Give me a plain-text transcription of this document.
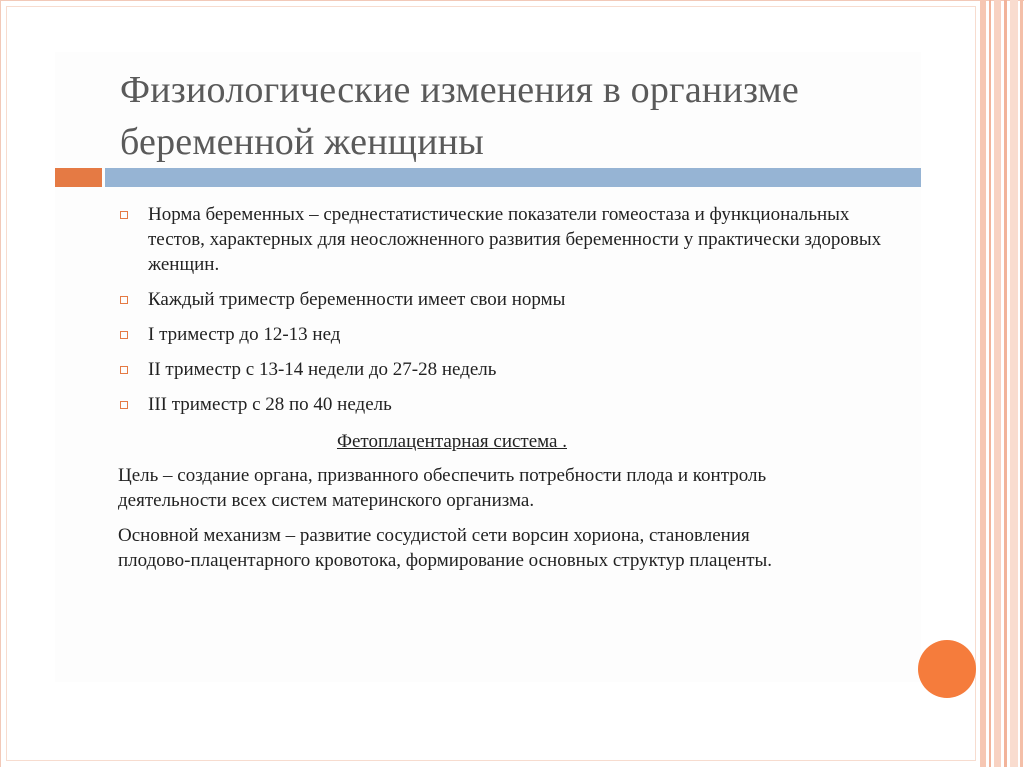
Физиологические изменения в организме беременной женщины
Норма беременных – среднестатистические показатели гомеостаза и функциональных тестов, характерных для неосложненного развития беременности у практически здоровых женщин.
Каждый триместр беременности имеет свои нормы
I триместр до 12-13 нед
II триместр с 13-14 недели до 27-28 недель
III триместр с 28 по 40 недель
Фетоплацентарная система .
Цель – создание органа, призванного обеспечить потребности плода и контроль деятельности всех систем материнского организма.
Основной механизм – развитие сосудистой сети ворсин хориона, становления плодово-плацентарного кровотока, формирование основных структур плаценты.
